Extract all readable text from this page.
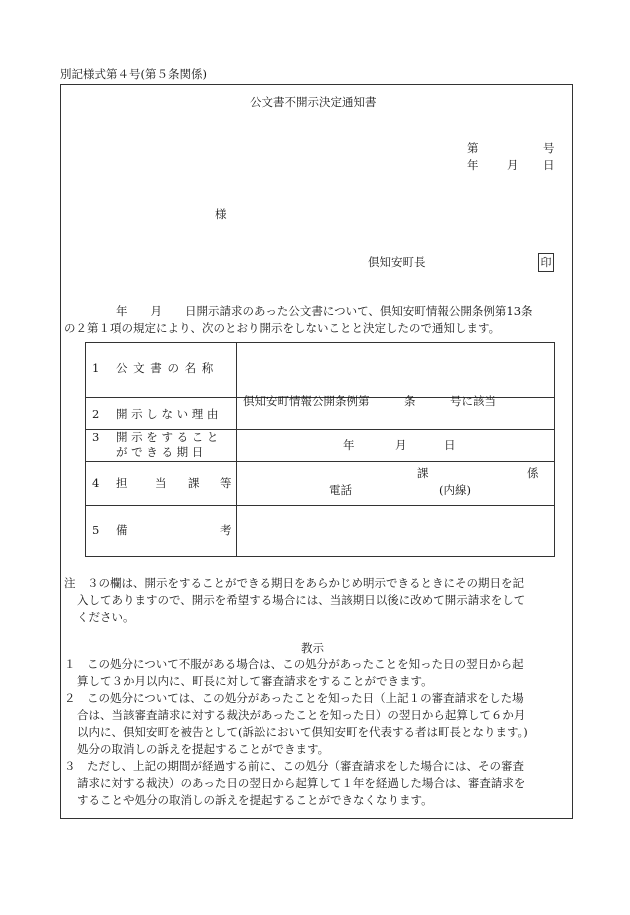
別記様式第４号(第５条関係)
公文書不開示決定通知書
第	号
年 月 日
様
倶知安町長	印
年　　月　　日開示請求のあった公文書について、倶知安町情報公開条例第13条
の２第１項の規定により、次のとおり開示をしないことと決定したので通知します。
1 公 文 書 の 名 称	

2 開 示 し な い 理 由	倶知安町情報公開条例第　　　条　　　号に該当

3 開 示 を す る こ と
が で き る 期 日	年 月 日

4 担 当 課 等	課 係
電話 (内線)

5 備 考	

注　３の欄は、開示をすることができる期日をあらかじめ明示できるときにその期日を記
入してありますので、開示を希望する場合には、当該期日以後に改めて開示請求をして
ください。
教示
１　この処分について不服がある場合は、この処分があったことを知った日の翌日から起
算して３か月以内に、町長に対して審査請求をすることができます。
２　この処分については、この処分があったことを知った日（上記１の審査請求をした場
合は、当該審査請求に対する裁決があったことを知った日）の翌日から起算して６か月
以内に、倶知安町を被告として(訴訟において倶知安町を代表する者は町長となります。)
処分の取消しの訴えを提起することができます。
３　ただし、上記の期間が経過する前に、この処分（審査請求をした場合には、その審査
請求に対する裁決）のあった日の翌日から起算して１年を経過した場合は、審査請求を
することや処分の取消しの訴えを提起することができなくなります。
